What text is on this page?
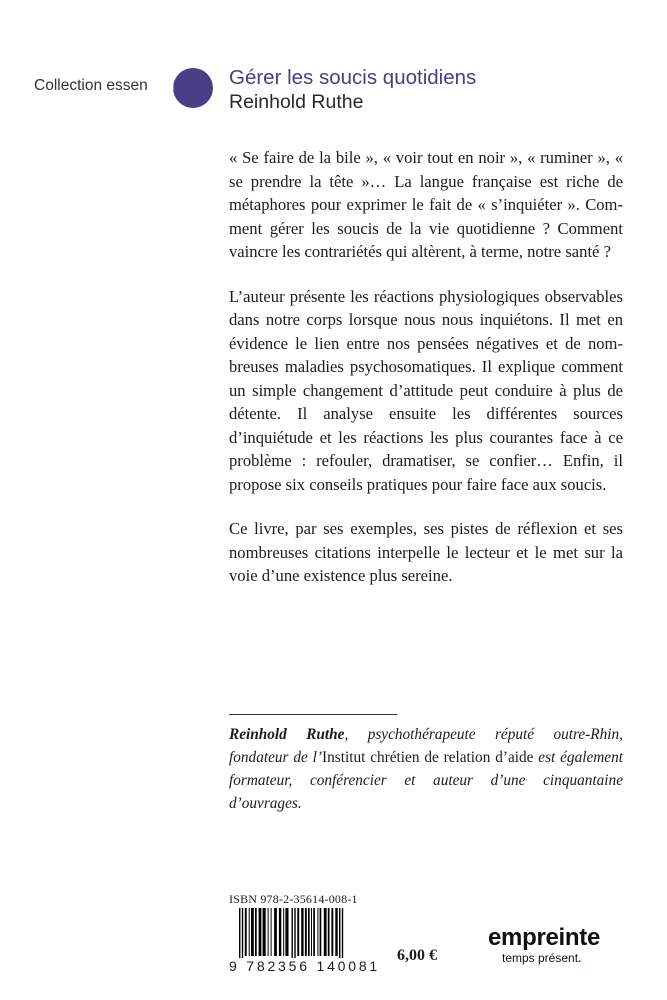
Collection essenCiel	Gérer les soucis quotidiens
Reinhold Ruthe

« Se faire de la bile », « voir tout en noir », « ruminer », « se prendre la tête »… La langue française est riche de métaphores pour exprimer le fait de « s’inquiéter ». Comment gérer les soucis de la vie quotidienne ? Comment vaincre les contrariétés qui altèrent, à terme, notre santé ?

L’auteur présente les réactions physiologiques observables dans notre corps lorsque nous nous inquiétons. Il met en évidence le lien entre nos pensées négatives et de nombreuses maladies psychosomatiques. Il explique comment un simple changement d’attitude peut conduire à plus de détente. Il analyse ensuite les différentes sources d’inquiétude et les réactions les plus courantes face à ce problème : refouler, dramatiser, se confier… Enfin, il propose six conseils pratiques pour faire face aux soucis.

Ce livre, par ses exemples, ses pistes de réflexion et ses nombreuses citations interpelle le lecteur et le met sur la voie d’une existence plus sereine.

Reinhold Ruthe, psychothérapeute réputé outre-Rhin, fondateur de l’Institut chrétien de relation d’aide est également formateur, conférencier et auteur d’une cinquantaine d’ouvrages.
ISBN 978-2-35614-008-1
9 782356 140081
6,00 €
empreinte
temps présent.
